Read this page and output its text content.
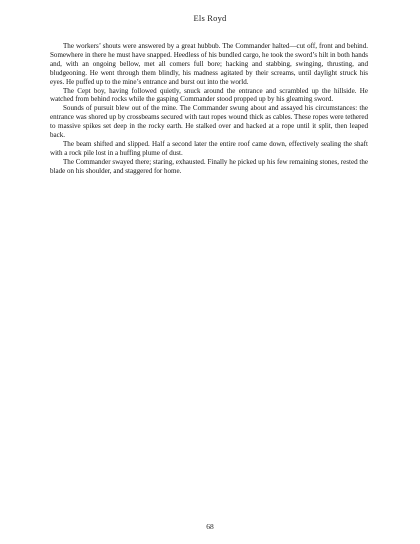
Els Royd

The workers’ shouts were answered by a great hubbub. The Commander halted—cut off, front and behind. Somewhere in there he must have snapped. Heedless of his bundled cargo, he took the sword’s hilt in both hands and, with an ongoing bellow, met all comers full bore; hacking and stabbing, swinging, thrusting, and bludgeoning. He went through them blindly, his madness agitated by their screams, until daylight struck his eyes. He puffed up to the mine’s entrance and burst out into the world.

The Cept boy, having followed quietly, snuck around the entrance and scrambled up the hillside. He watched from behind rocks while the gasping Commander stood propped up by his gleaming sword.

Sounds of pursuit blew out of the mine. The Commander swung about and assayed his circumstances: the entrance was shored up by crossbeams secured with taut ropes wound thick as cables. These ropes were tethered to massive spikes set deep in the rocky earth. He stalked over and hacked at a rope until it split, then leaped back.

The beam shifted and slipped. Half a second later the entire roof came down, effectively sealing the shaft with a rock pile lost in a huffing plume of dust.

The Commander swayed there; staring, exhausted. Finally he picked up his few remaining stones, rested the blade on his shoulder, and staggered for home.

68
